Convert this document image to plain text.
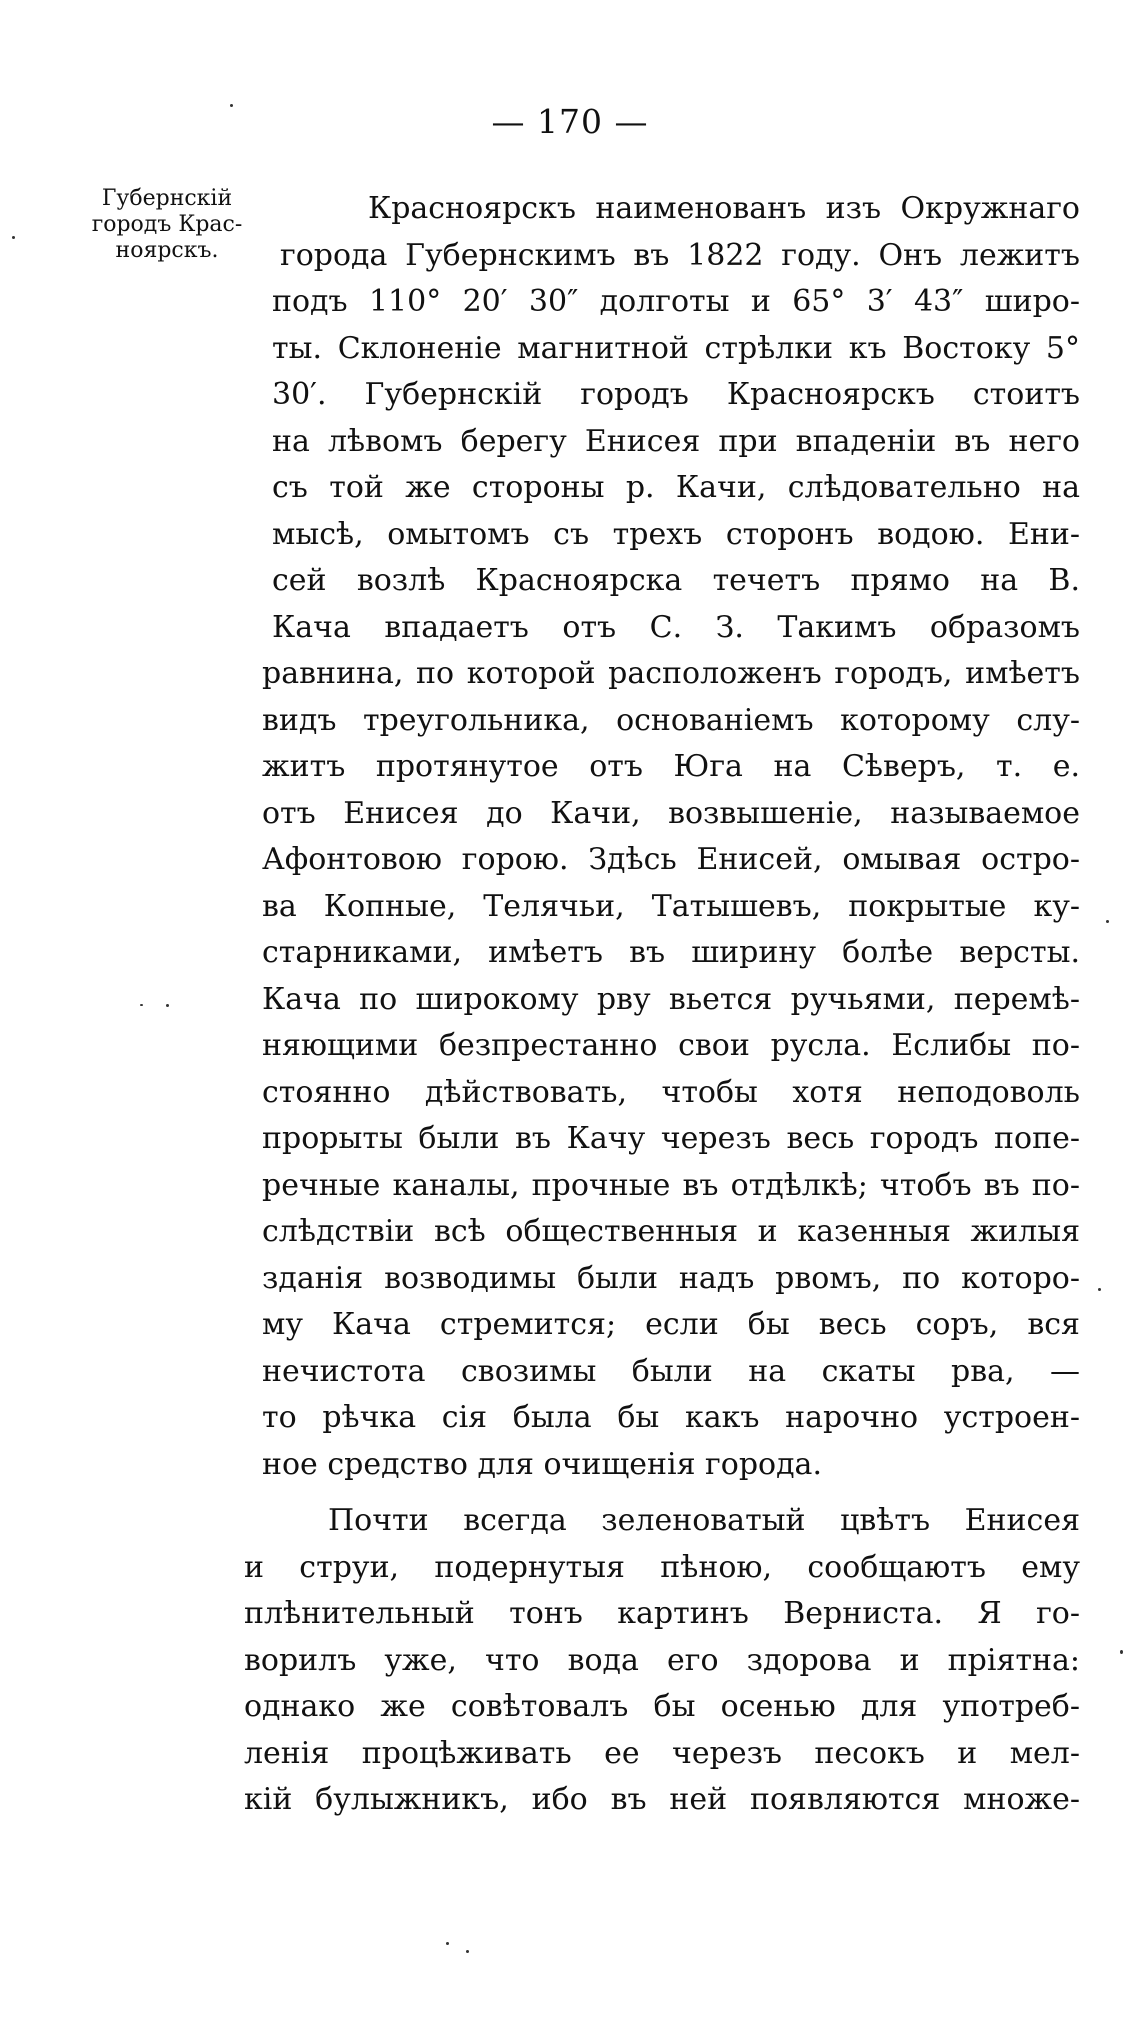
— 170 —
Губернскій
городъ Крас-
ноярскъ.
Красноярскъ наименованъ изъ Окружнаго
города Губернскимъ въ 1822 году. Онъ лежитъ
подъ 110° 20′ 30″ долготы и 65° 3′ 43″ широ-
ты. Склоненіе магнитной стрѣлки къ Востоку 5°
30′. Губернскій городъ Красноярскъ стоитъ
на лѣвомъ берегу Енисея при впаденіи въ него
съ той же стороны р. Качи, слѣдовательно на
мысѣ, омытомъ съ трехъ сторонъ водою. Ени-
сей возлѣ Красноярска течетъ прямо на В.
Кача впадаетъ отъ С. З. Такимъ образомъ
равнина, по которой расположенъ городъ, имѣетъ
видъ треугольника, основаніемъ которому слу-
житъ протянутое отъ Юга на Сѣверъ, т. е.
отъ Енисея до Качи, возвышеніе, называемое
Афонтовою горою. Здѣсь Енисей, омывая остро-
ва Копные, Телячьи, Татышевъ, покрытые ку-
старниками, имѣетъ въ ширину болѣе версты.
Кача по широкому рву вьется ручьями, перемѣ-
няющими безпрестанно свои русла. Еслибы по-
стоянно дѣйствовать, чтобы хотя неподоволь
прорыты были въ Качу черезъ весь городъ попе-
речные каналы, прочные въ отдѣлкѣ; чтобъ въ по-
слѣдствіи всѣ общественныя и казенныя жилыя
зданія возводимы были надъ рвомъ, по которо-
му Кача стремится; если бы весь соръ, вся
нечистота свозимы были на скаты рва, —
то рѣчка сія была бы какъ нарочно устроен-
ное средство для очищенія города.
Почти всегда зеленоватый цвѣтъ Енисея
и струи, подернутыя пѣною, сообщаютъ ему
плѣнительный тонъ картинъ Верниста. Я го-
ворилъ уже, что вода его здорова и пріятна:
однако же совѣтовалъ бы осенью для употреб-
ленія процѣживать ее черезъ песокъ и мел-
кій булыжникъ, ибо въ ней появляются множе-
